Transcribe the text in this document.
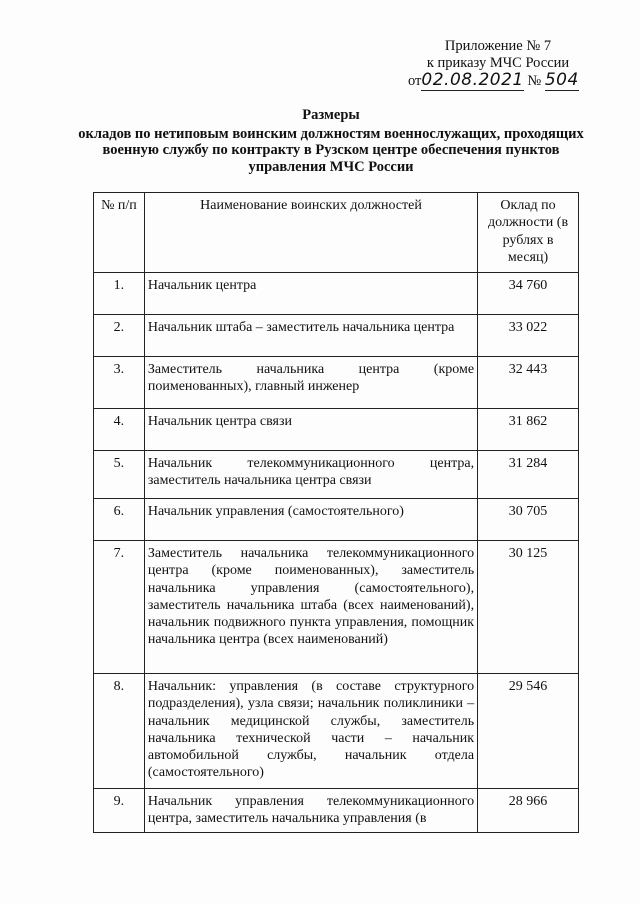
Приложение № 7
к приказу МЧС России
от02.08.2021 № 504
Размеры
окладов по нетиповым воинским должностям военнослужащих, проходящих военную службу по контракту в Рузском центре обеспечения пунктов управления МЧС России
№ п/п	Наименование воинских должностей	Оклад по должности (в рублях в месяц)
1.	Начальник центра	34 760
2.	Начальник штаба – заместитель начальника центра	33 022
3.	Заместитель начальника центра (кроме поименованных), главный инженер	32 443
4.	Начальник центра связи	31 862
5.	Начальник телекоммуникационного центра, заместитель начальника центра связи	31 284
6.	Начальник управления (самостоятельного)	30 705
7.	Заместитель начальника телекоммуникационного центра (кроме поименованных), заместитель начальника управления (самостоятельного), заместитель начальника штаба (всех наименований), начальник подвижного пункта управления, помощник начальника центра (всех наименований)	30 125
8.	Начальник: управления (в составе структурного подразделения), узла связи; начальник поликлиники – начальник медицинской службы, заместитель начальника технической части – начальник автомобильной службы, начальник отдела (самостоятельного)	29 546
9.	Начальник управления телекоммуникационного центра, заместитель начальника управления (в	28 966
